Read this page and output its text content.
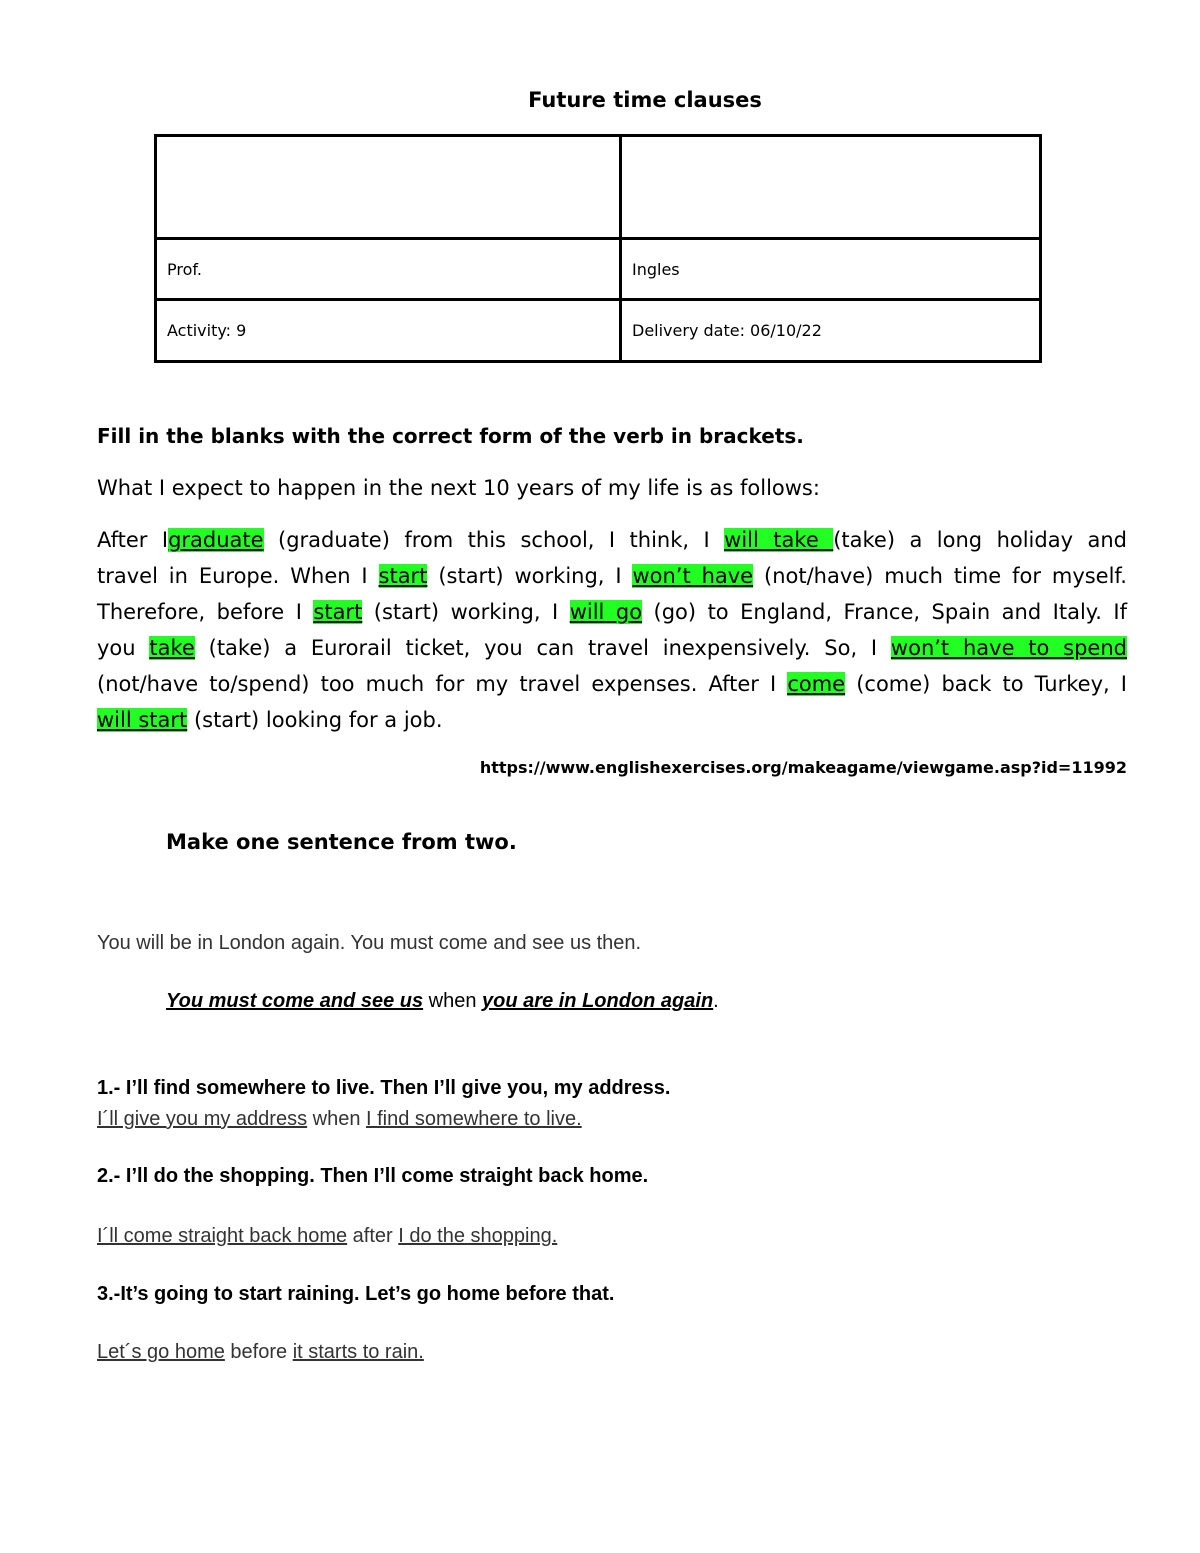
Future time clauses

Prof.	Ingles
Activity: 9	Delivery date: 06/10/22
Fill in the blanks with the correct form of the verb in brackets.
What I expect to happen in the next 10 years of my life is as follows:
After Igraduate (graduate) from this school, I think, I will take (take) a long holiday and
travel in Europe. When I start (start) working, I won’t have (not/have) much time for myself.
Therefore, before I start (start) working, I will go (go) to England, France, Spain and Italy. If
you take (take) a Eurorail ticket, you can travel inexpensively. So, I won’t have to spend
(not/have to/spend) too much for my travel expenses. After I come (come) back to Turkey, I
will start (start) looking for a job.
https://www.englishexercises.org/makeagame/viewgame.asp?id=11992
Make one sentence from two.
You will be in London again. You must come and see us then.
You must come and see us when you are in London again.
1.- I’ll find somewhere to live. Then I’ll give you, my address.
I´ll give you my address when I find somewhere to live.
2.- I’ll do the shopping. Then I’ll come straight back home.
I´ll come straight back home after I do the shopping.
3.-It’s going to start raining. Let’s go home before that.
Let´s go home before it starts to rain.
